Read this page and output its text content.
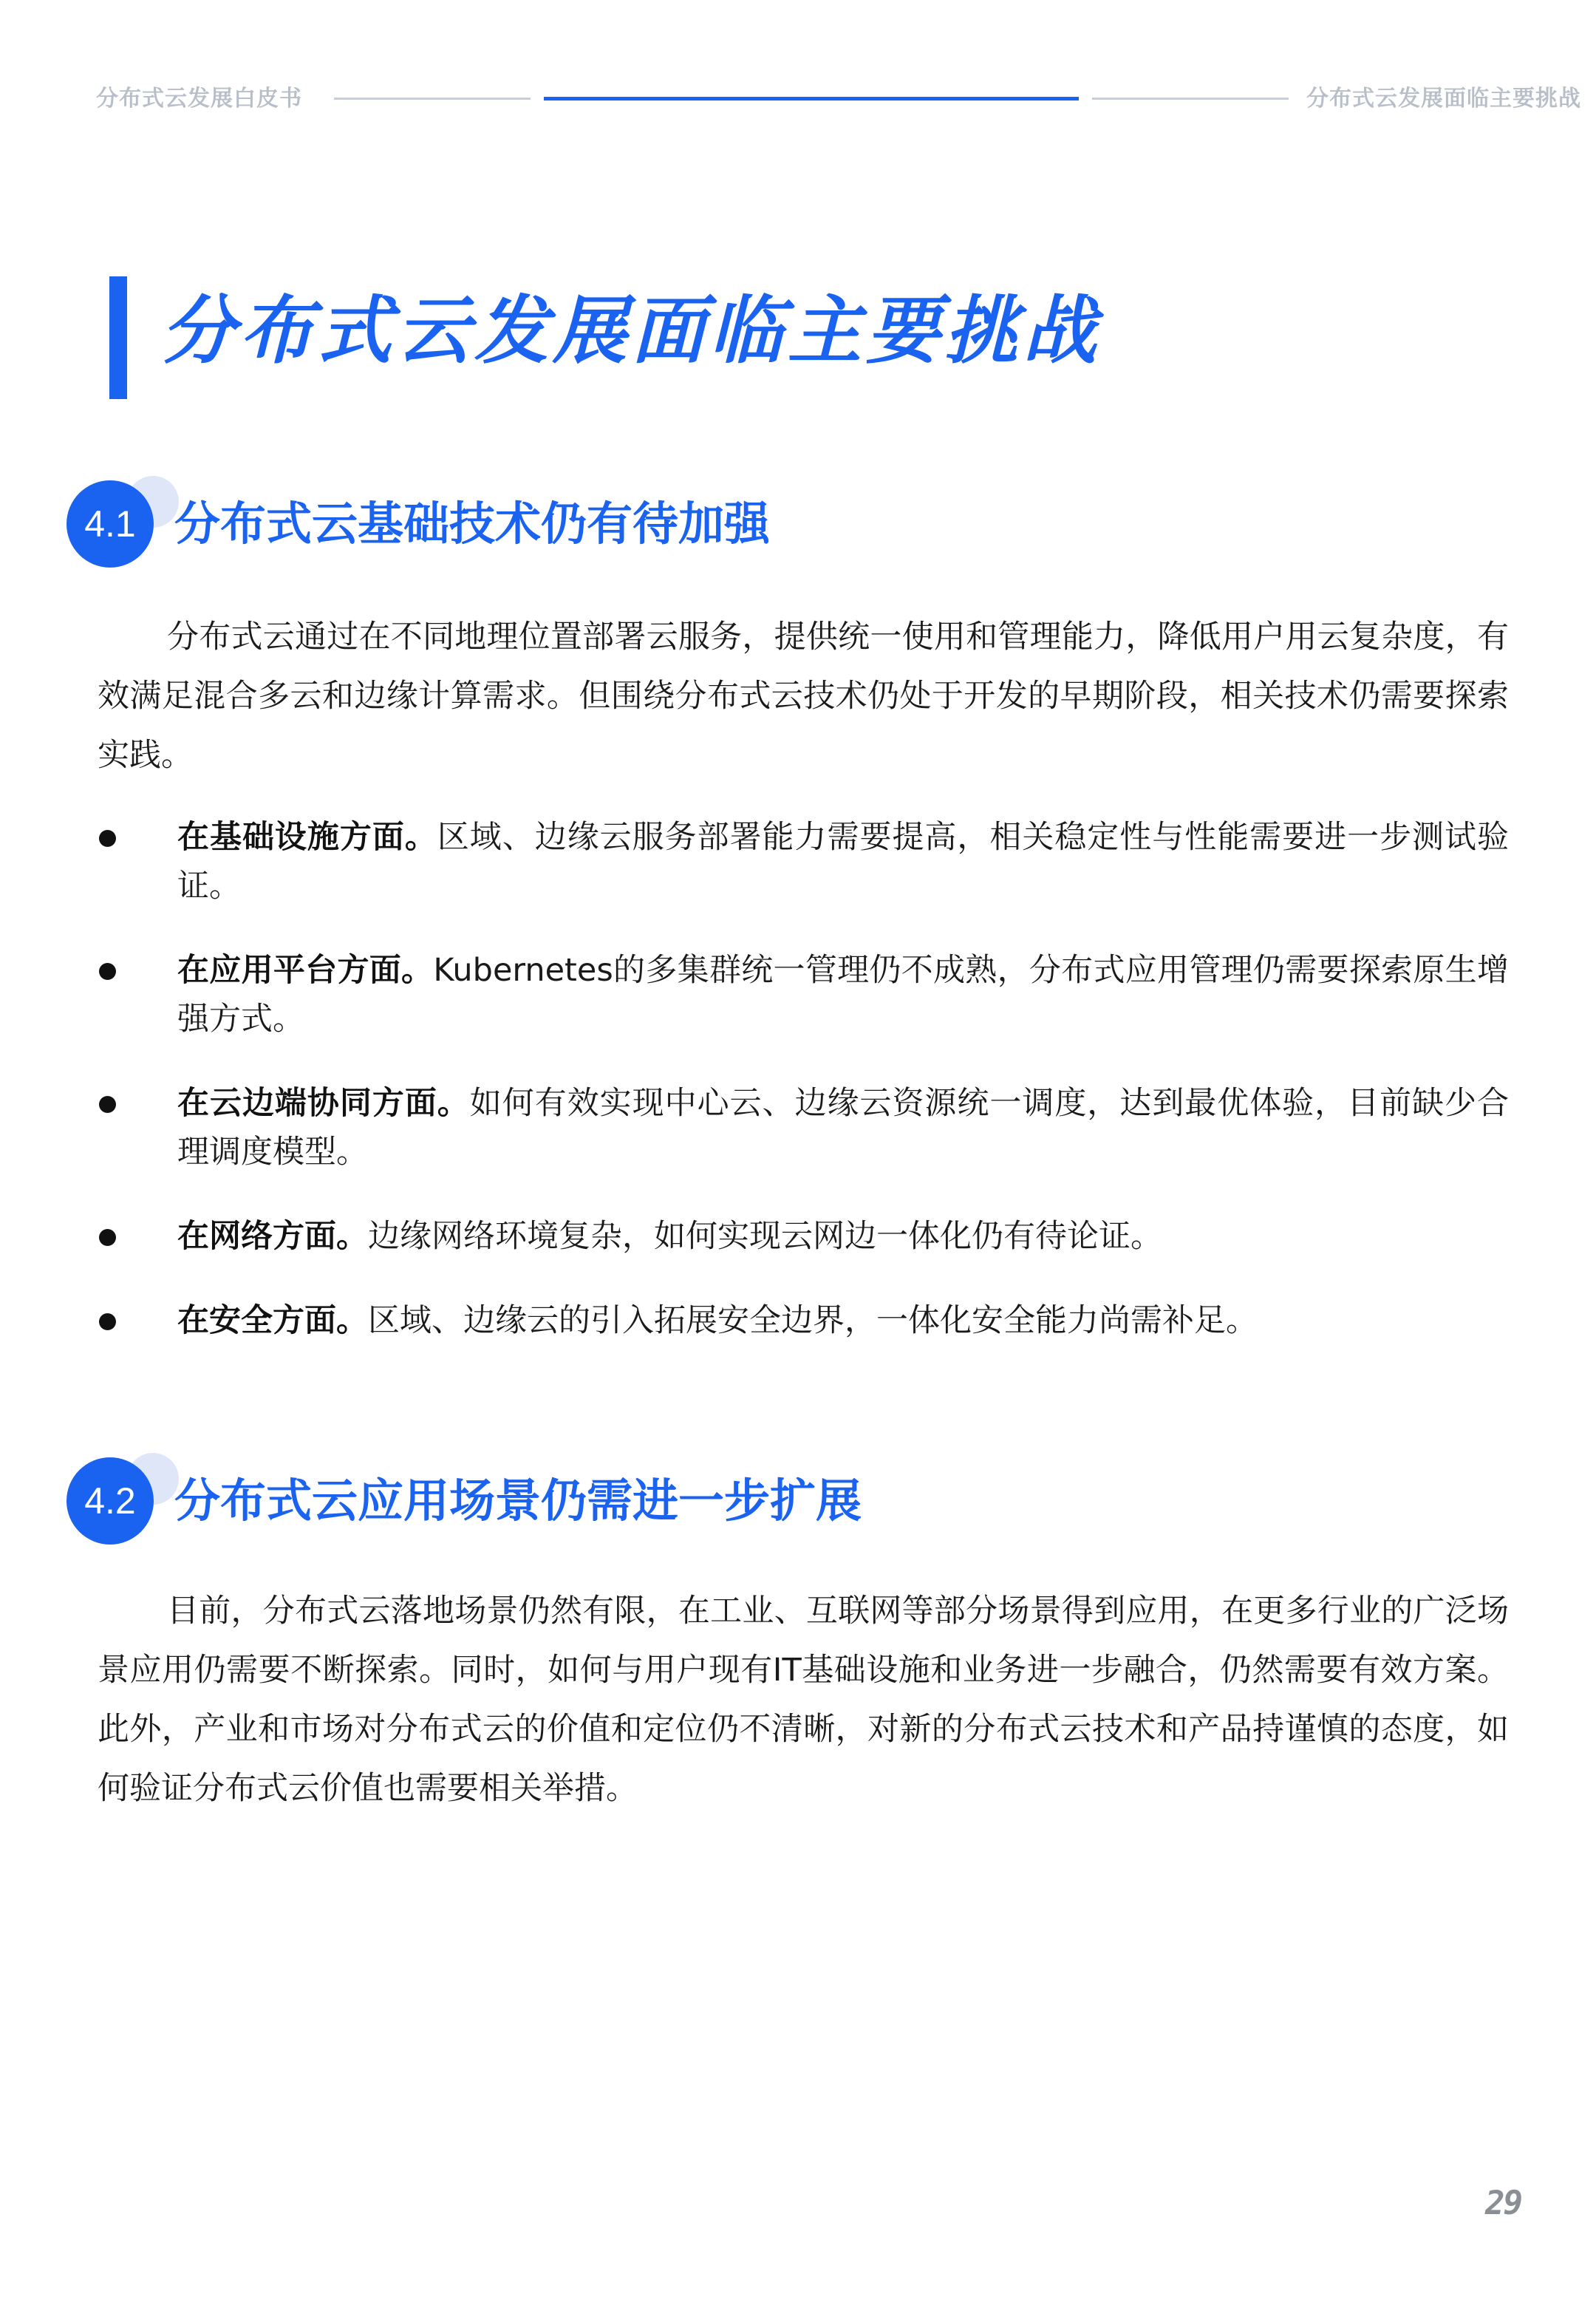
分布式云发展白皮书	分布式云发展面临主要挑战
分布式云发展面临主要挑战
4.1 分布式云基础技术仍有待加强

分布式云通过在不同地理位置部署云服务，提供统一使用和管理能力，降低用户用云复杂度，有效满足混合多云和边缘计算需求。但围绕分布式云技术仍处于开发的早期阶段，相关技术仍需要探索实践。

在基础设施方面。区域、边缘云服务部署能力需要提高，相关稳定性与性能需要进一步测试验证。
在应用平台方面。Kubernetes的多集群统一管理仍不成熟，分布式应用管理仍需要探索原生增强方式。
在云边端协同方面。如何有效实现中心云、边缘云资源统一调度，达到最优体验，目前缺少合理调度模型。
在网络方面。边缘网络环境复杂，如何实现云网边一体化仍有待论证。
在安全方面。区域、边缘云的引入拓展安全边界，一体化安全能力尚需补足。
4.2 分布式云应用场景仍需进一步扩展

目前，分布式云落地场景仍然有限，在工业、互联网等部分场景得到应用，在更多行业的广泛场景应用仍需要不断探索。同时，如何与用户现有IT基础设施和业务进一步融合，仍然需要有效方案。此外，产业和市场对分布式云的价值和定位仍不清晰，对新的分布式云技术和产品持谨慎的态度，如何验证分布式云价值也需要相关举措。

29
